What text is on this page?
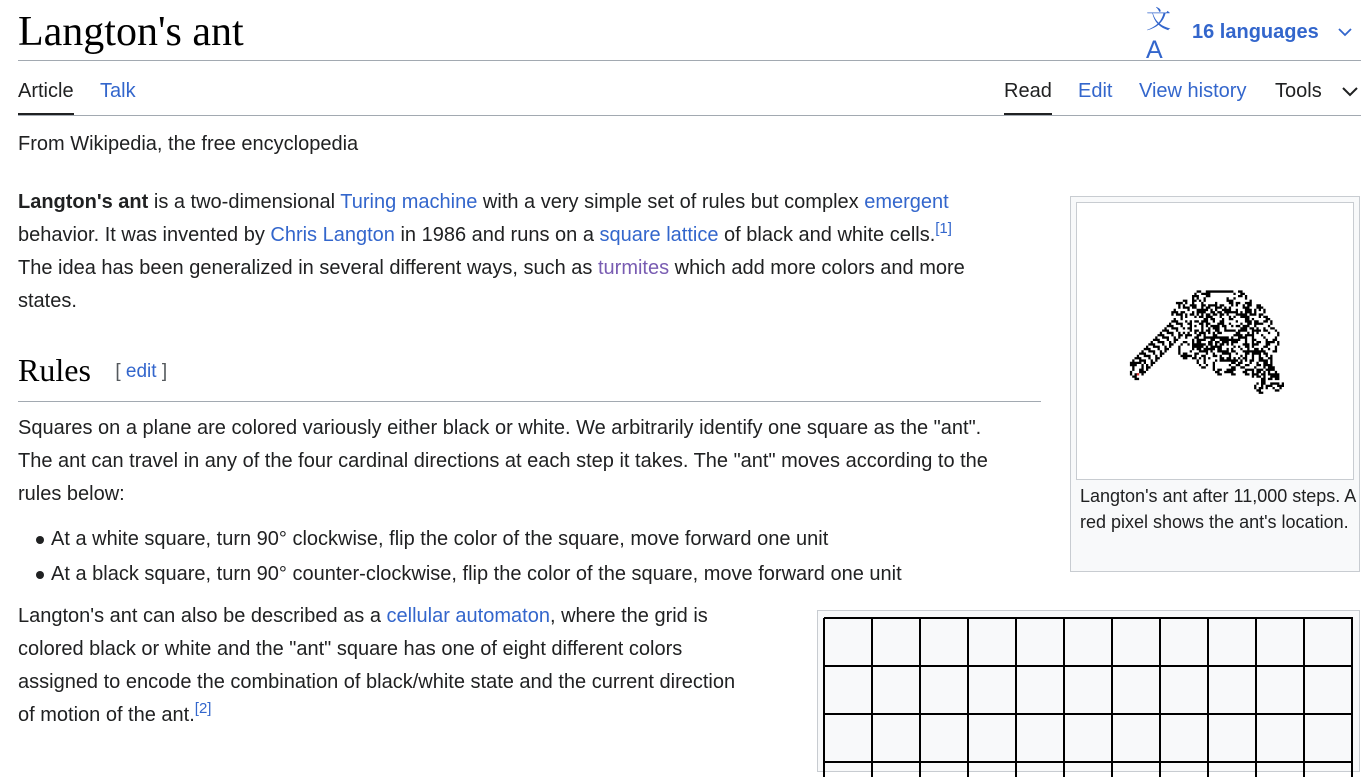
Langton's ant	文A
16 languages
Article Talk	Read Edit View history Tools
From Wikipedia, the free encyclopedia

Langton's ant is a two-dimensional Turing machine with a very simple set of rules but complex emergent

behavior. It was invented by Chris Langton in 1986 and runs on a square lattice of black and white cells.[1]

The idea has been generalized in several different ways, such as turmites which add more colors and more

states.

Rules [ edit ]

Squares on a plane are colored variously either black or white. We arbitrarily identify one square as the "ant".

The ant can travel in any of the four cardinal directions at each step it takes. The "ant" moves according to the

rules below:

At a white square, turn 90° clockwise, flip the color of the square, move forward one unit
At a black square, turn 90° counter-clockwise, flip the color of the square, move forward one unit

Langton's ant can also be described as a cellular automaton, where the grid is

colored black or white and the "ant" square has one of eight different colors

assigned to encode the combination of black/white state and the current direction

of motion of the ant.[2]

Langton's ant after 11,000 steps. A red pixel shows the ant's location.
